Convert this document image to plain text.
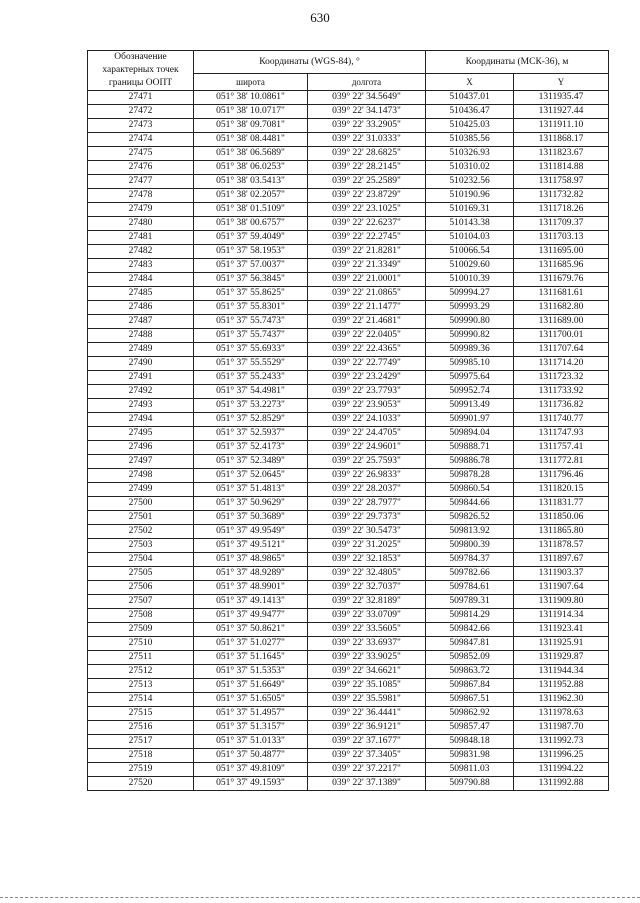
630
Обозначение характерных точек границы ООПТ	Координаты (WGS-84), °		Координаты (МСК-36), м	
	широта	долгота	X	Y
27471	051° 38' 10.0861"	039° 22' 34.5649"	510437.01	1311935.47
27472	051° 38' 10.0717"	039° 22' 34.1473"	510436.47	1311927.44
27473	051° 38' 09.7081"	039° 22' 33.2905"	510425.03	1311911.10
27474	051° 38' 08.4481"	039° 22' 31.0333"	510385.56	1311868.17
27475	051° 38' 06.5689"	039° 22' 28.6825"	510326.93	1311823.67
27476	051° 38' 06.0253"	039° 22' 28.2145"	510310.02	1311814.88
27477	051° 38' 03.5413"	039° 22' 25.2589"	510232.56	1311758.97
27478	051° 38' 02.2057"	039° 22' 23.8729"	510190.96	1311732.82
27479	051° 38' 01.5109"	039° 22' 23.1025"	510169.31	1311718.26
27480	051° 38' 00.6757"	039° 22' 22.6237"	510143.38	1311709.37
27481	051° 37' 59.4049"	039° 22' 22.2745"	510104.03	1311703.13
27482	051° 37' 58.1953"	039° 22' 21.8281"	510066.54	1311695.00
27483	051° 37' 57.0037"	039° 22' 21.3349"	510029.60	1311685.96
27484	051° 37' 56.3845"	039° 22' 21.0001"	510010.39	1311679.76
27485	051° 37' 55.8625"	039° 22' 21.0865"	509994.27	1311681.61
27486	051° 37' 55.8301"	039° 22' 21.1477"	509993.29	1311682.80
27487	051° 37' 55.7473"	039° 22' 21.4681"	509990.80	1311689.00
27488	051° 37' 55.7437"	039° 22' 22.0405"	509990.82	1311700.01
27489	051° 37' 55.6933"	039° 22' 22.4365"	509989.36	1311707.64
27490	051° 37' 55.5529"	039° 22' 22.7749"	509985.10	1311714.20
27491	051° 37' 55.2433"	039° 22' 23.2429"	509975.64	1311723.32
27492	051° 37' 54.4981"	039° 22' 23.7793"	509952.74	1311733.92
27493	051° 37' 53.2273"	039° 22' 23.9053"	509913.49	1311736.82
27494	051° 37' 52.8529"	039° 22' 24.1033"	509901.97	1311740.77
27495	051° 37' 52.5937"	039° 22' 24.4705"	509894.04	1311747.93
27496	051° 37' 52.4173"	039° 22' 24.9601"	509888.71	1311757.41
27497	051° 37' 52.3489"	039° 22' 25.7593"	509886.78	1311772.81
27498	051° 37' 52.0645"	039° 22' 26.9833"	509878.28	1311796.46
27499	051° 37' 51.4813"	039° 22' 28.2037"	509860.54	1311820.15
27500	051° 37' 50.9629"	039° 22' 28.7977"	509844.66	1311831.77
27501	051° 37' 50.3689"	039° 22' 29.7373"	509826.52	1311850.06
27502	051° 37' 49.9549"	039° 22' 30.5473"	509813.92	1311865.80
27503	051° 37' 49.5121"	039° 22' 31.2025"	509800.39	1311878.57
27504	051° 37' 48.9865"	039° 22' 32.1853"	509784.37	1311897.67
27505	051° 37' 48.9289"	039° 22' 32.4805"	509782.66	1311903.37
27506	051° 37' 48.9901"	039° 22' 32.7037"	509784.61	1311907.64
27507	051° 37' 49.1413"	039° 22' 32.8189"	509789.31	1311909.80
27508	051° 37' 49.9477"	039° 22' 33.0709"	509814.29	1311914.34
27509	051° 37' 50.8621"	039° 22' 33.5605"	509842.66	1311923.41
27510	051° 37' 51.0277"	039° 22' 33.6937"	509847.81	1311925.91
27511	051° 37' 51.1645"	039° 22' 33.9025"	509852.09	1311929.87
27512	051° 37' 51.5353"	039° 22' 34.6621"	509863.72	1311944.34
27513	051° 37' 51.6649"	039° 22' 35.1085"	509867.84	1311952.88
27514	051° 37' 51.6505"	039° 22' 35.5981"	509867.51	1311962.30
27515	051° 37' 51.4957"	039° 22' 36.4441"	509862.92	1311978.63
27516	051° 37' 51.3157"	039° 22' 36.9121"	509857.47	1311987.70
27517	051° 37' 51.0133"	039° 22' 37.1677"	509848.18	1311992.73
27518	051° 37' 50.4877"	039° 22' 37.3405"	509831.98	1311996.25
27519	051° 37' 49.8109"	039° 22' 37.2217"	509811.03	1311994.22
27520	051° 37' 49.1593"	039° 22' 37.1389"	509790.88	1311992.88
